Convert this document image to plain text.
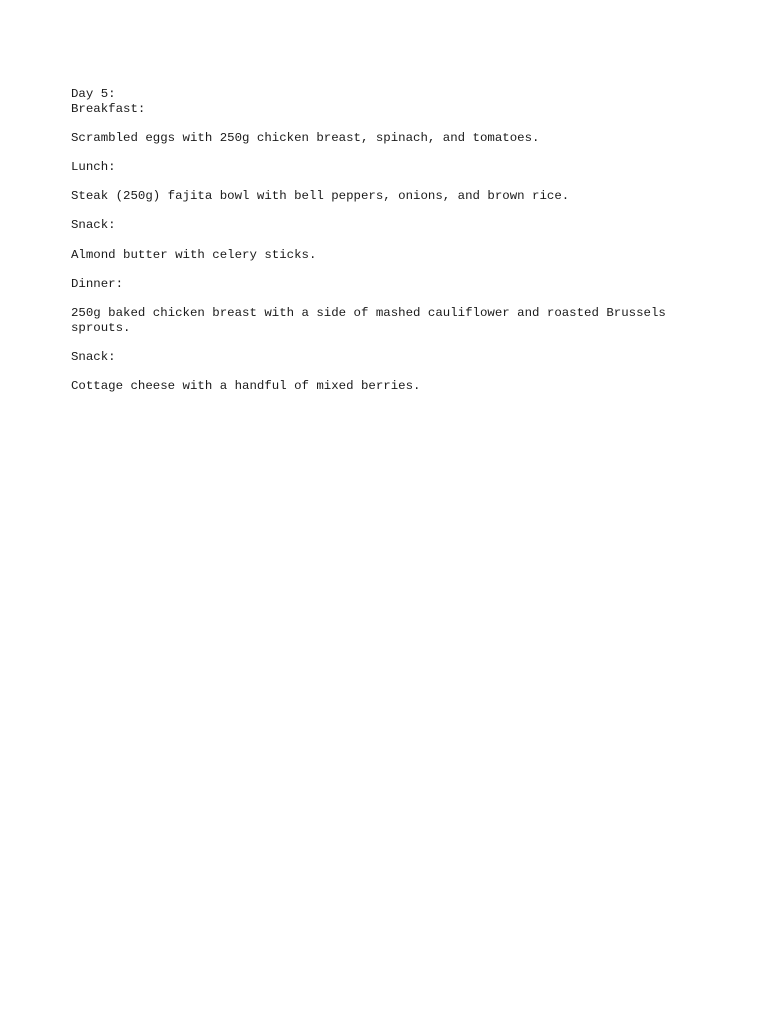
Day 5:
Breakfast:
Scrambled eggs with 250g chicken breast, spinach, and tomatoes.
Lunch:
Steak (250g) fajita bowl with bell peppers, onions, and brown rice.
Snack:
Almond butter with celery sticks.
Dinner:
250g baked chicken breast with a side of mashed cauliflower and roasted Brussels sprouts.
Snack:
Cottage cheese with a handful of mixed berries.
